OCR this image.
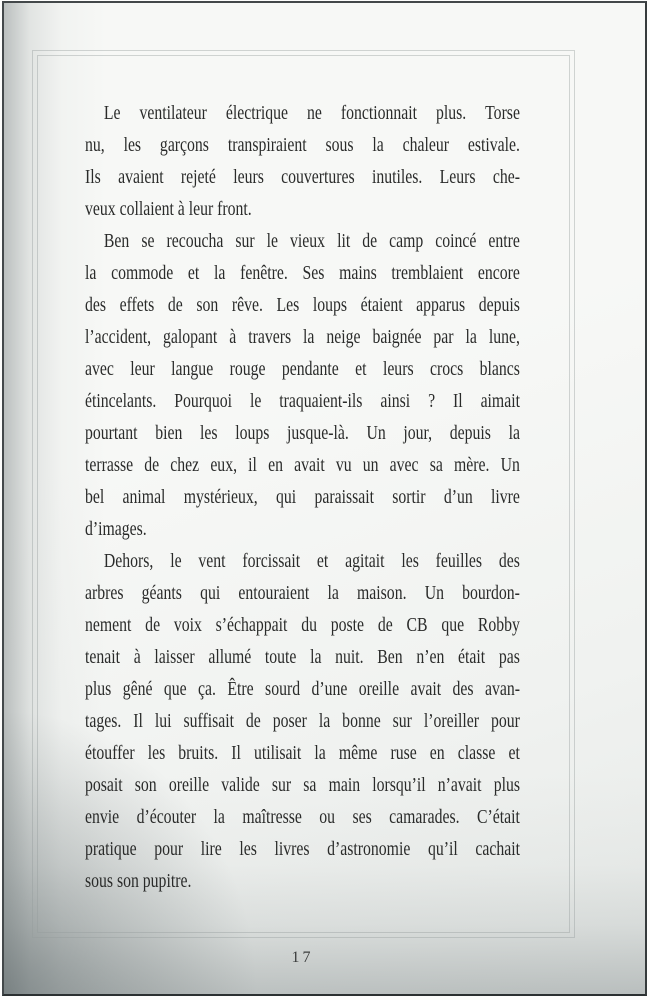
Le ventilateur électrique ne fonctionnait plus. Torse
nu, les garçons transpiraient sous la chaleur estivale.
Ils avaient rejeté leurs couvertures inutiles. Leurs che-
veux collaient à leur front.
Ben se recoucha sur le vieux lit de camp coincé entre
la commode et la fenêtre. Ses mains tremblaient encore
des effets de son rêve. Les loups étaient apparus depuis
l’accident, galopant à travers la neige baignée par la lune,
avec leur langue rouge pendante et leurs crocs blancs
étincelants. Pourquoi le traquaient-ils ainsi ? Il aimait
pourtant bien les loups jusque-là. Un jour, depuis la
terrasse de chez eux, il en avait vu un avec sa mère. Un
bel animal mystérieux, qui paraissait sortir d’un livre
d’images.
Dehors, le vent forcissait et agitait les feuilles des
arbres géants qui entouraient la maison. Un bourdon-
nement de voix s’échappait du poste de CB que Robby
tenait à laisser allumé toute la nuit. Ben n’en était pas
plus gêné que ça. Être sourd d’une oreille avait des avan-
tages. Il lui suffisait de poser la bonne sur l’oreiller pour
étouffer les bruits. Il utilisait la même ruse en classe et
posait son oreille valide sur sa main lorsqu’il n’avait plus
envie d’écouter la maîtresse ou ses camarades. C’était
pratique pour lire les livres d’astronomie qu’il cachait
sous son pupitre.
17
